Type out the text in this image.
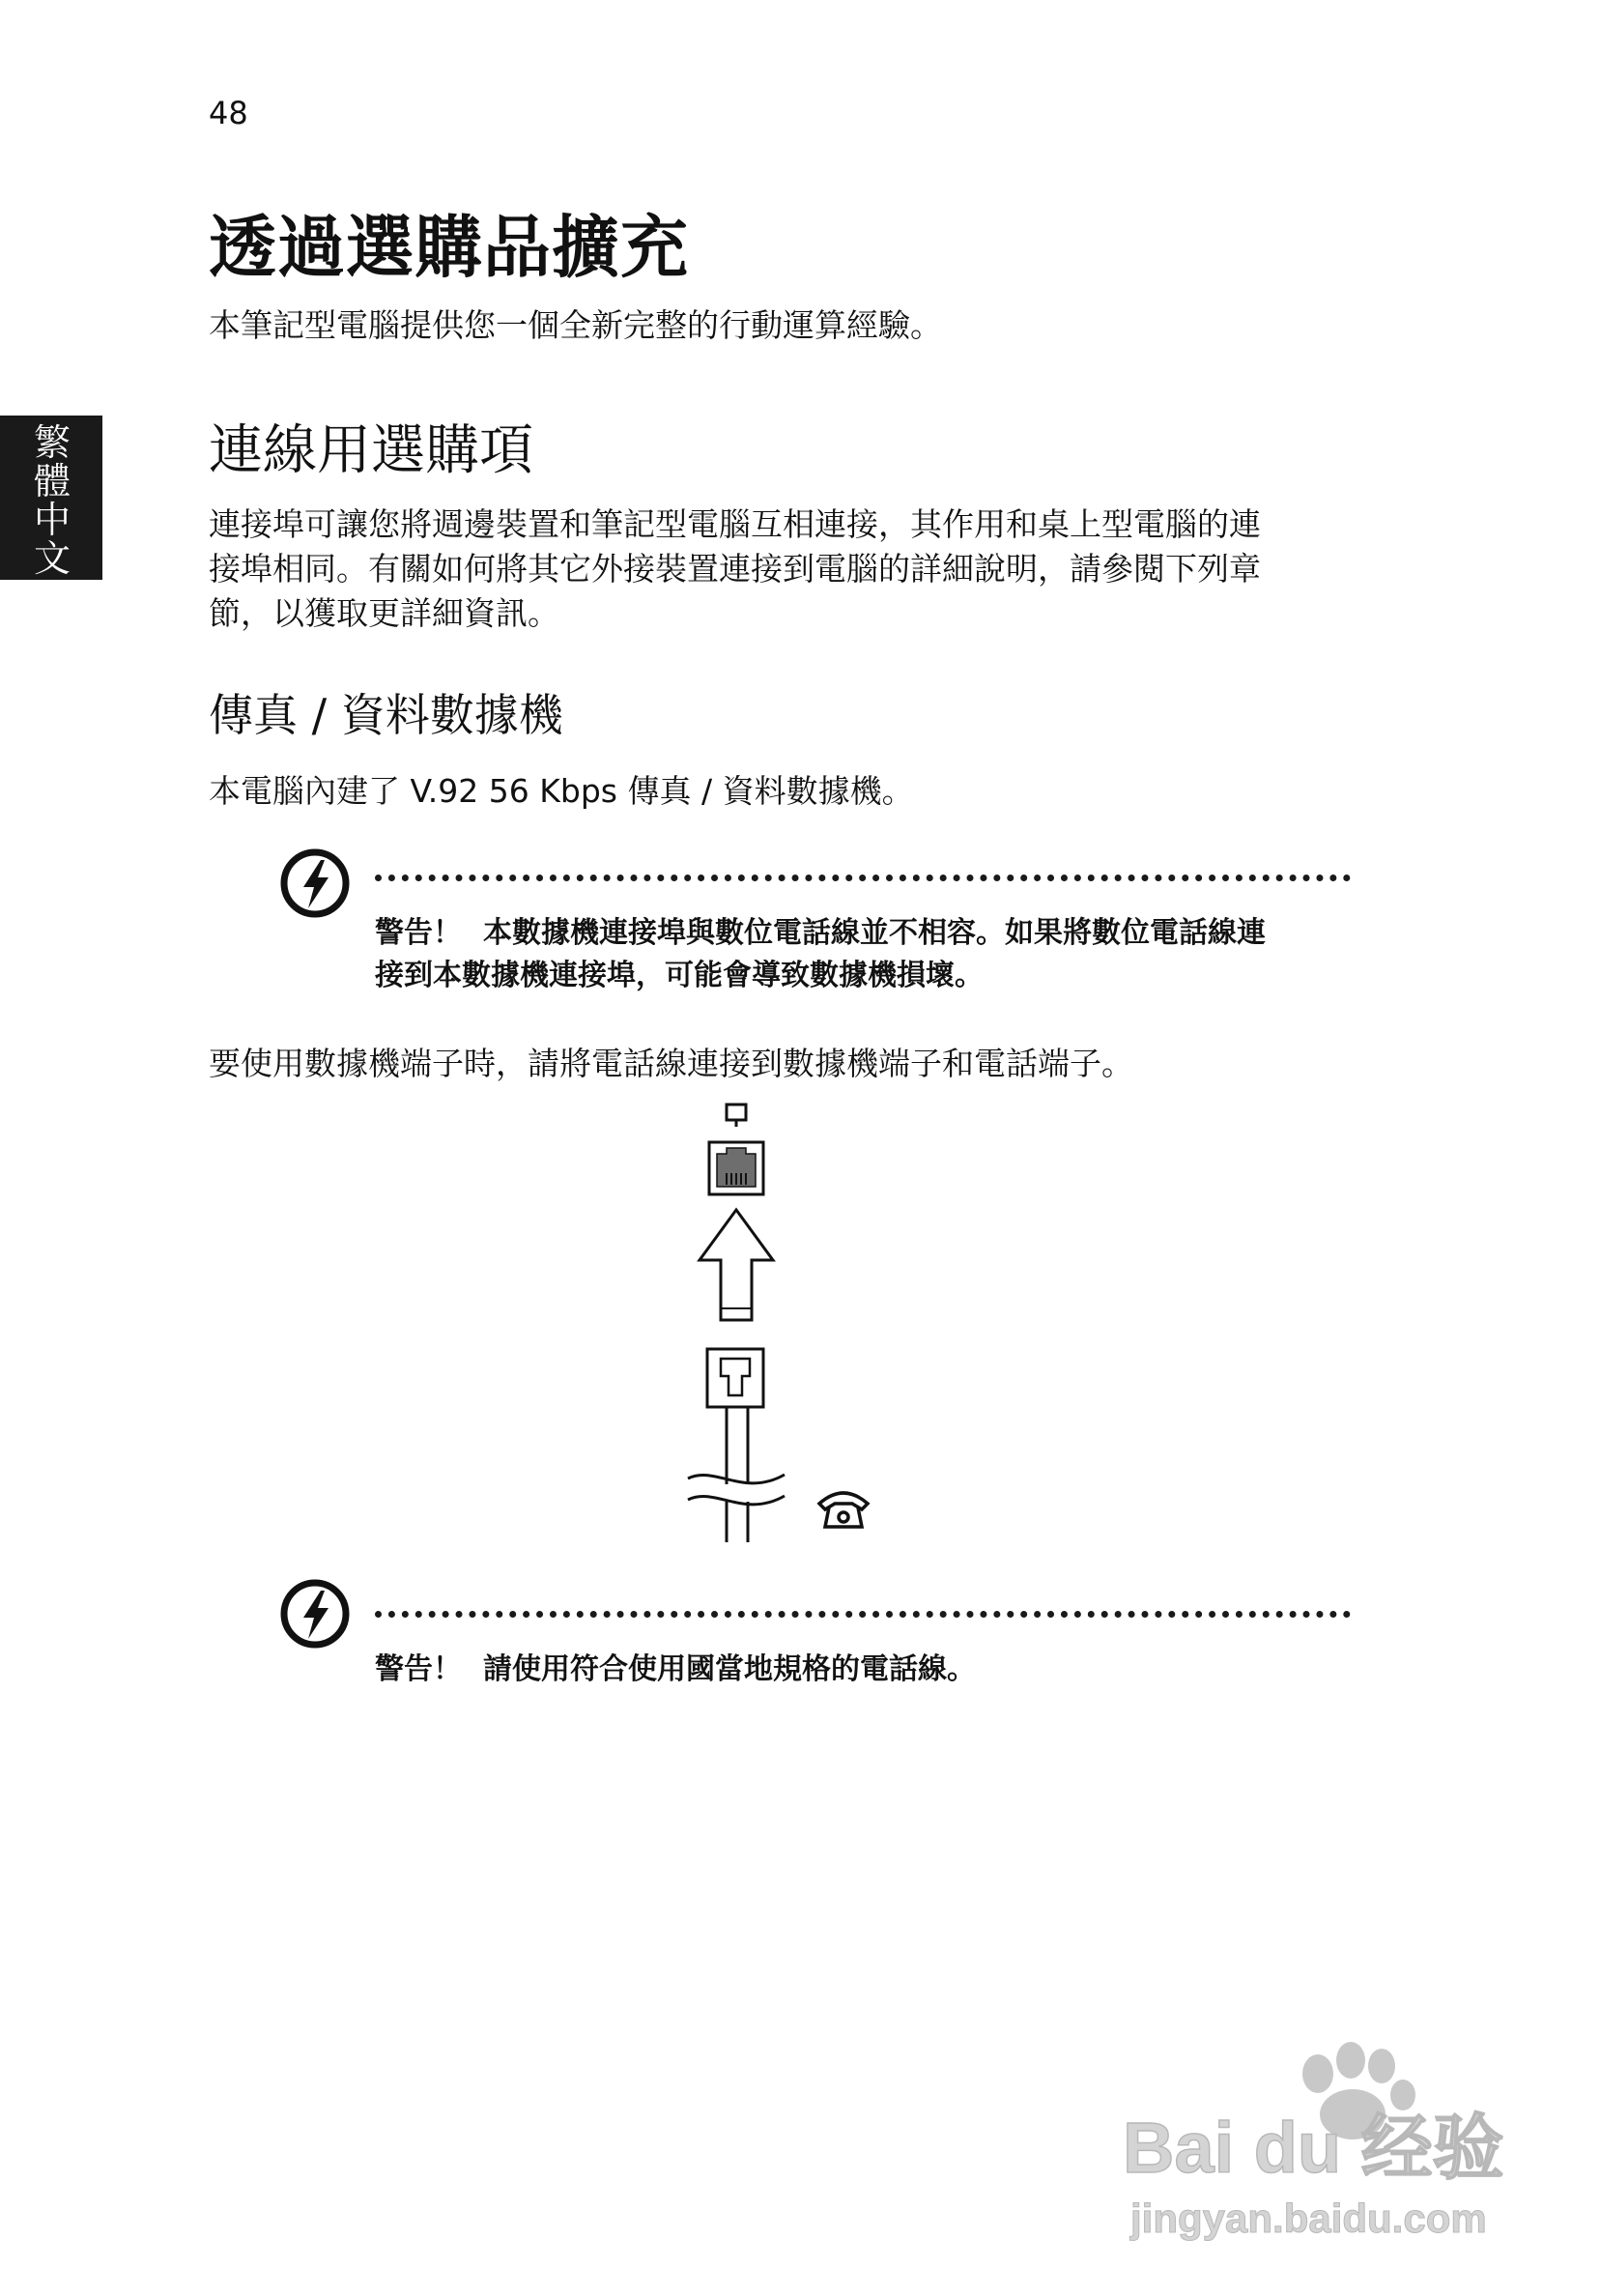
48
繁體中文
透過選購品擴充
本筆記型電腦提供您一個全新完整的行動運算經驗。
連線用選購項
連接埠可讓您將週邊裝置和筆記型電腦互相連接，其作用和桌上型電腦的連
接埠相同。有關如何將其它外接裝置連接到電腦的詳細說明，請參閱下列章
節，以獲取更詳細資訊。
傳真 / 資料數據機
本電腦內建了 V.92 56 Kbps 傳真 / 資料數據機。
警告！ 本數據機連接埠與數位電話線並不相容。如果將數位電話線連
接到本數據機連接埠，可能會導致數據機損壞。
要使用數據機端子時，請將電話線連接到數據機端子和電話端子。
警告！ 請使用符合使用國當地規格的電話線。
Bai du 经验
jingyan.baidu.com
